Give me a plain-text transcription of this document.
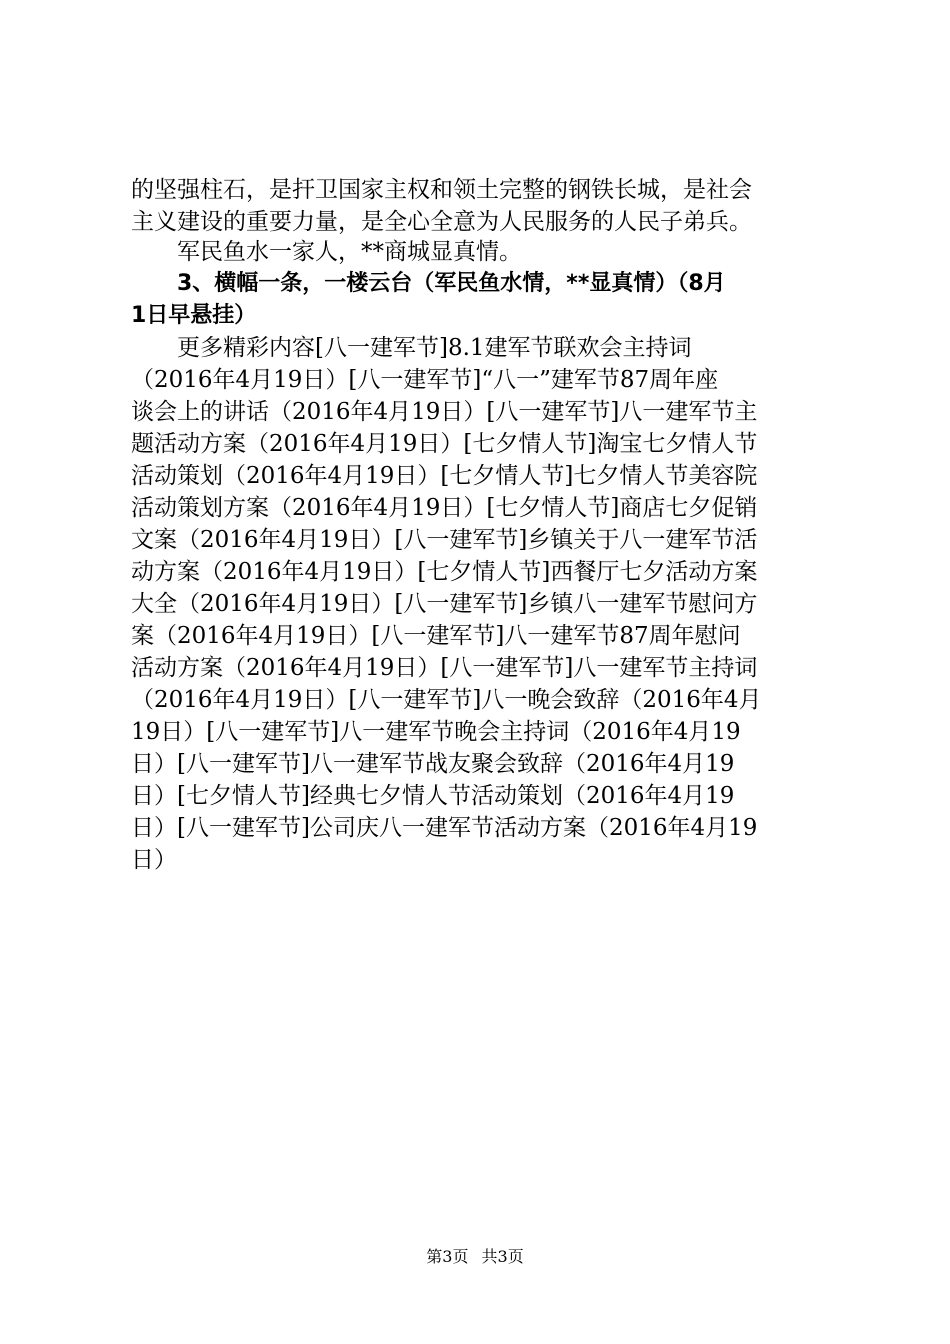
的坚强柱石，是扞卫国家主权和领土完整的钢铁长城，是社会
主义建设的重要力量，是全心全意为人民服务的人民子弟兵。
军民鱼水一家人，**商城显真情。
3、横幅一条，一楼云台（军民鱼水情，**显真情）（8月
1日早悬挂）
更多精彩内容[八一建军节]8.1建军节联欢会主持词
（2016年4月19日）[八一建军节]“八一”建军节87周年座
谈会上的讲话（2016年4月19日）[八一建军节]八一建军节主
题活动方案（2016年4月19日）[七夕情人节]淘宝七夕情人节
活动策划（2016年4月19日）[七夕情人节]七夕情人节美容院
活动策划方案（2016年4月19日）[七夕情人节]商店七夕促销
文案（2016年4月19日）[八一建军节]乡镇关于八一建军节活
动方案（2016年4月19日）[七夕情人节]西餐厅七夕活动方案
大全（2016年4月19日）[八一建军节]乡镇八一建军节慰问方
案（2016年4月19日）[八一建军节]八一建军节87周年慰问
活动方案（2016年4月19日）[八一建军节]八一建军节主持词
（2016年4月19日）[八一建军节]八一晚会致辞（2016年4月
19日）[八一建军节]八一建军节晚会主持词（2016年4月19
日）[八一建军节]八一建军节战友聚会致辞（2016年4月19
日）[七夕情人节]经典七夕情人节活动策划（2016年4月19
日）[八一建军节]公司庆八一建军节活动方案（2016年4月19
日）
第3页 共3页
